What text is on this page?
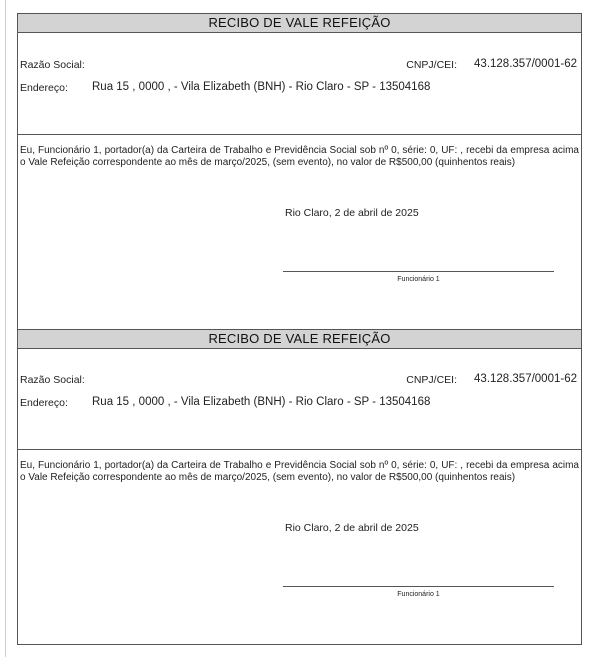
RECIBO DE VALE REFEIÇÃO
Razão Social:	CNPJ/CEI: 43.128.357/0001-62
Endereço: Rua 15 , 0000 , - Vila Elizabeth (BNH) - Rio Claro - SP - 13504168
Eu, Funcionário 1, portador(a) da Carteira de Trabalho e Previdência Social sob nº 0, série: 0, UF: , recebi da empresa acima o Vale Refeição correspondente ao mês de março/2025, (sem evento), no valor de R$500,00 (quinhentos reais)
Rio Claro, 2 de abril de 2025
Funcionário 1
RECIBO DE VALE REFEIÇÃO
Razão Social:	CNPJ/CEI: 43.128.357/0001-62
Endereço: Rua 15 , 0000 , - Vila Elizabeth (BNH) - Rio Claro - SP - 13504168
Eu, Funcionário 1, portador(a) da Carteira de Trabalho e Previdência Social sob nº 0, série: 0, UF: , recebi da empresa acima o Vale Refeição correspondente ao mês de março/2025, (sem evento), no valor de R$500,00 (quinhentos reais)
Rio Claro, 2 de abril de 2025
Funcionário 1
